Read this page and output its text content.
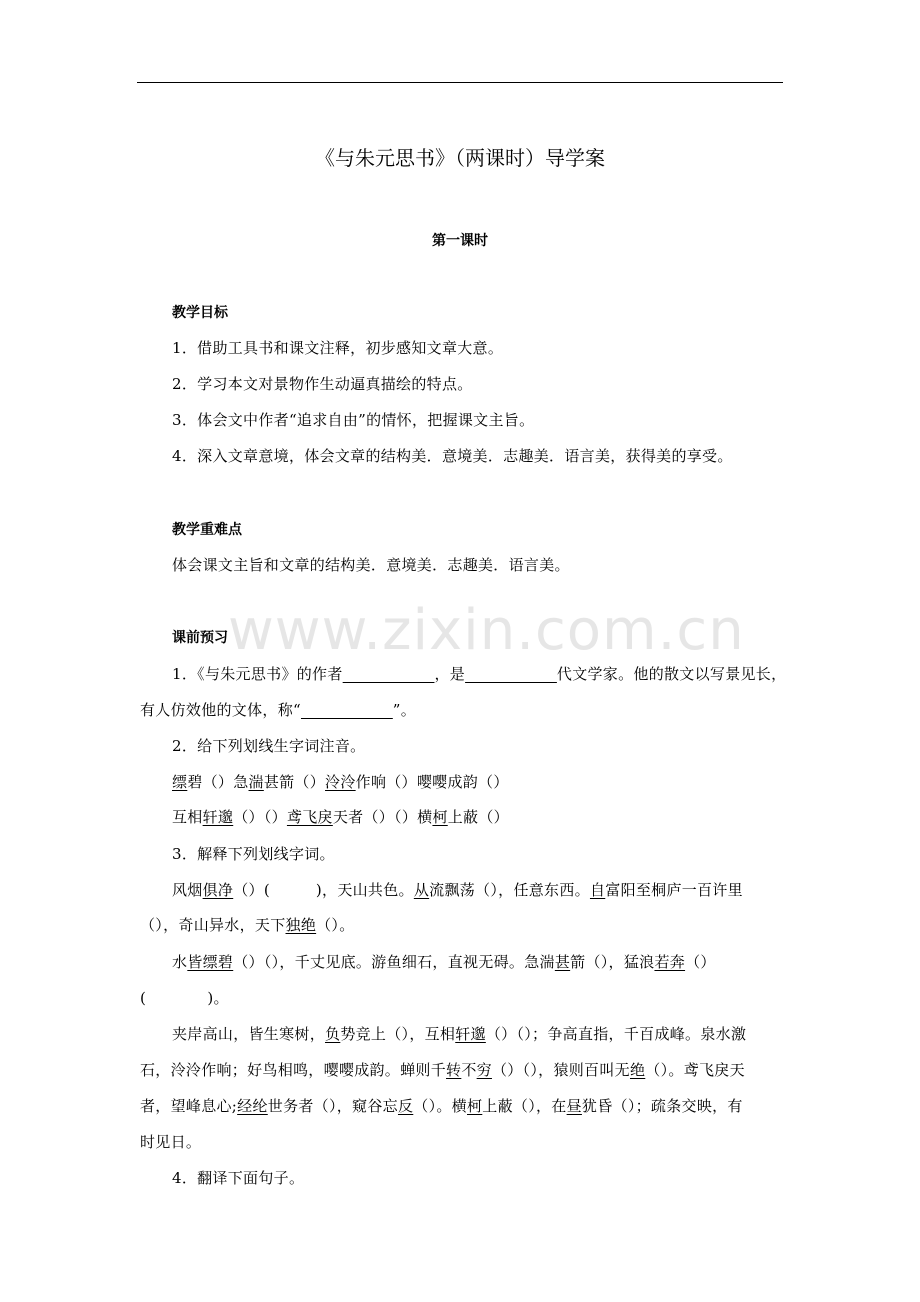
www.zixin.com.cn
《与朱元思书》（两课时）导学案
第一课时
教学目标
1．借助工具书和课文注释，初步感知文章大意。
2．学习本文对景物作生动逼真描绘的特点。
3．体会文中作者“追求自由”的情怀，把握课文主旨。
4．深入文章意境，体会文章的结构美．意境美．志趣美．语言美，获得美的享受。
教学重难点
体会课文主旨和文章的结构美．意境美．志趣美．语言美。
课前预习
1．《与朱元思书》的作者　　　　　　	，是　　　　　　	代文学家。他的散文以写景见长，
有人仿效他的文体，称“　　　　　　	”。
2．给下列划线生字词注音。
缥碧（）急湍甚箭（）泠泠作响（）嘤嘤成韵（）
互相轩邈（）（）鸢飞戾天者（）（）横柯上蔽（）
3．解释下列划线字词。
风烟俱净（）(　　　)，天山共色。从流飘荡（），任意东西。自富阳至桐庐一百许里
（），奇山异水，天下独绝（）。
水皆缥碧（）（），千丈见底。游鱼细石，直视无碍。急湍甚箭（），猛浪若奔（）
(　　　　)。
夹岸高山，皆生寒树，负势竞上（），互相轩邈（）（）；争高直指，千百成峰。泉水激
石，泠泠作响；好鸟相鸣，嘤嘤成韵。蝉则千转不穷（）（），猿则百叫无绝（）。鸢飞戾天
者，望峰息心;经纶世务者（），窥谷忘反（）。横柯上蔽（），在昼犹昏（）；疏条交映，有
时见日。
4．翻译下面句子。
